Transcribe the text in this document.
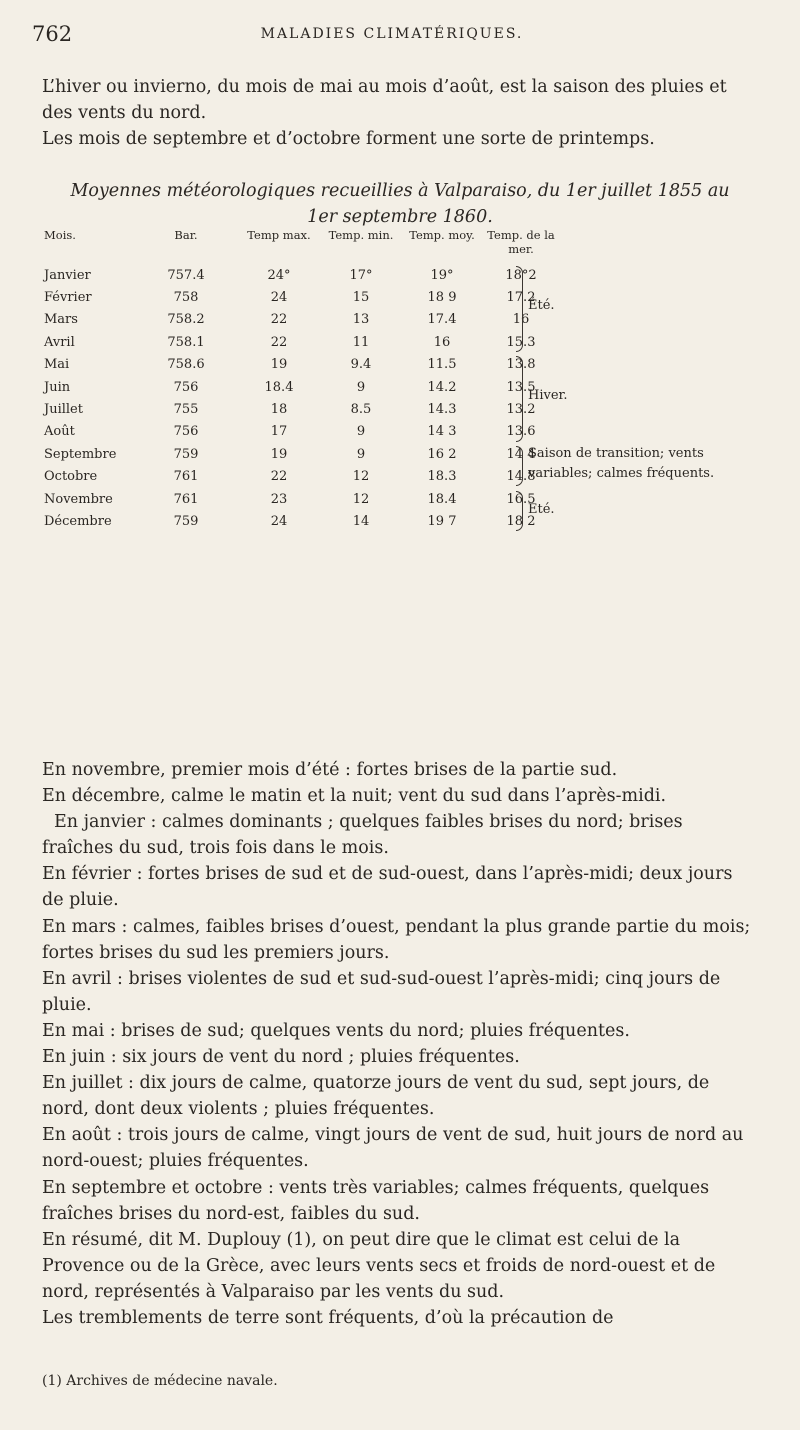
762	MALADIES CLIMATÉRIQUES.

L’hiver ou invierno, du mois de mai au mois d’août, est la saison des pluies et des vents du nord.

Les mois de septembre et d’octobre forment une sorte de printemps.

Moyennes météorologiques recueillies à Valparaiso, du 1er juillet 1855 au
1er septembre 1860.
Mois.	Bar.	Temp max.	Temp. min.	Temp. moy.	Temp. de la mer.
Janvier	757.4	24°	17°	19°	18°2
Février	758	24	15	18 9	17.2
Mars	758.2	22	13	17.4	16
Avril	758.1	22	11	16	15.3
Mai	758.6	19	9.4	11.5	13.8
Juin	756	18.4	9	14.2	13.5
Juillet	755	18	8.5	14.3	13.2
Août	756	17	9	14 3	13.6
Septembre	759	19	9	16 2	14 4
Octobre	761	22	12	18.3	14.8
Novembre	761	23	12	18.4	16.5
Décembre	759	24	14	19 7	18 2
Été.
Hiver.
Saison de transition; vents
variables; calmes fréquents.
Été.

En novembre, premier mois d’été : fortes brises de la partie sud.

En décembre, calme le matin et la nuit; vent du sud dans l’après-midi.

En janvier : calmes dominants ; quelques faibles brises du nord; brises fraîches du sud, trois fois dans le mois.

En février : fortes brises de sud et de sud-ouest, dans l’après-midi; deux jours de pluie.

En mars : calmes, faibles brises d’ouest, pendant la plus grande partie du mois; fortes brises du sud les premiers jours.

En avril : brises violentes de sud et sud-sud-ouest l’après-midi; cinq jours de pluie.

En mai : brises de sud; quelques vents du nord; pluies fréquentes.

En juin : six jours de vent du nord ; pluies fréquentes.

En juillet : dix jours de calme, quatorze jours de vent du sud, sept jours, de nord, dont deux violents ; pluies fréquentes.

En août : trois jours de calme, vingt jours de vent de sud, huit jours de nord au nord-ouest; pluies fréquentes.

En septembre et octobre : vents très variables; calmes fréquents, quelques fraîches brises du nord-est, faibles du sud.

En résumé, dit M. Duplouy (1), on peut dire que le climat est celui de la Provence ou de la Grèce, avec leurs vents secs et froids de nord-ouest et de nord, représentés à Valparaiso par les vents du sud.

Les tremblements de terre sont fréquents, d’où la précaution de

(1) Archives de médecine navale.
